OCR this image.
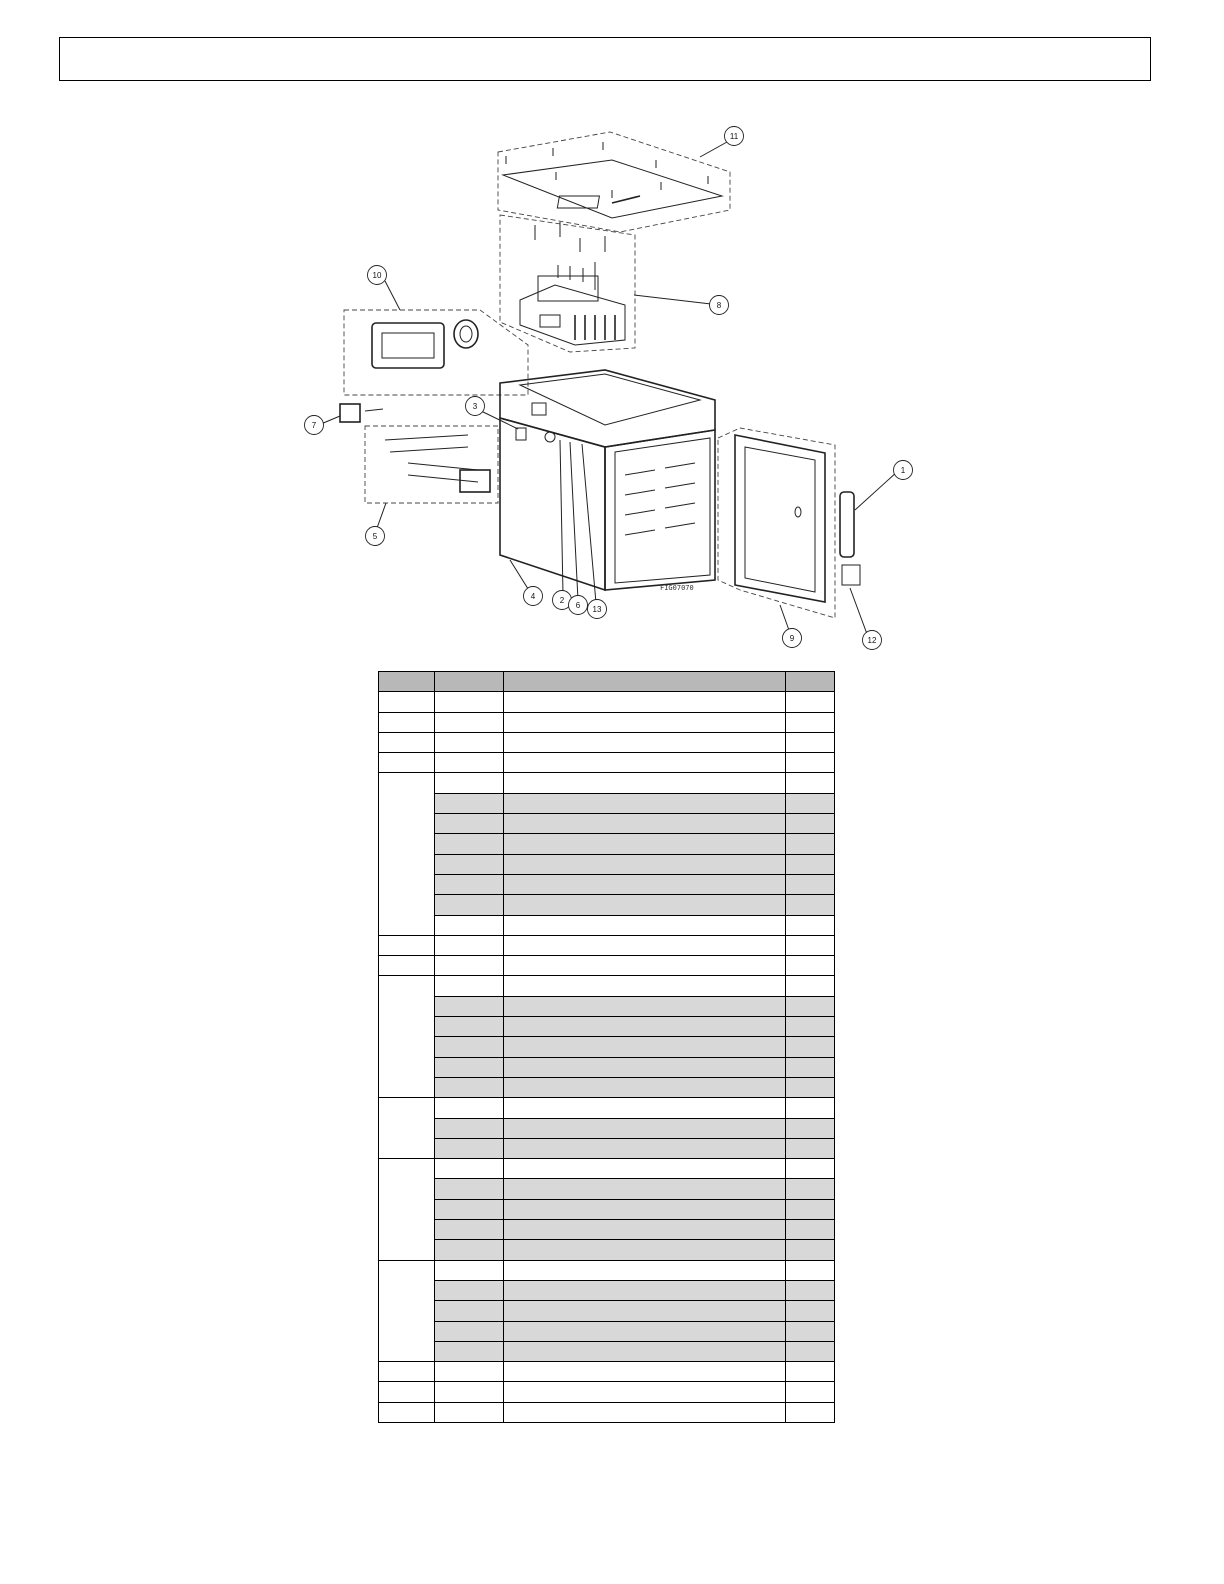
FIG07070
11
8
10
3
7
5
4	2
6 13
9
1
12
